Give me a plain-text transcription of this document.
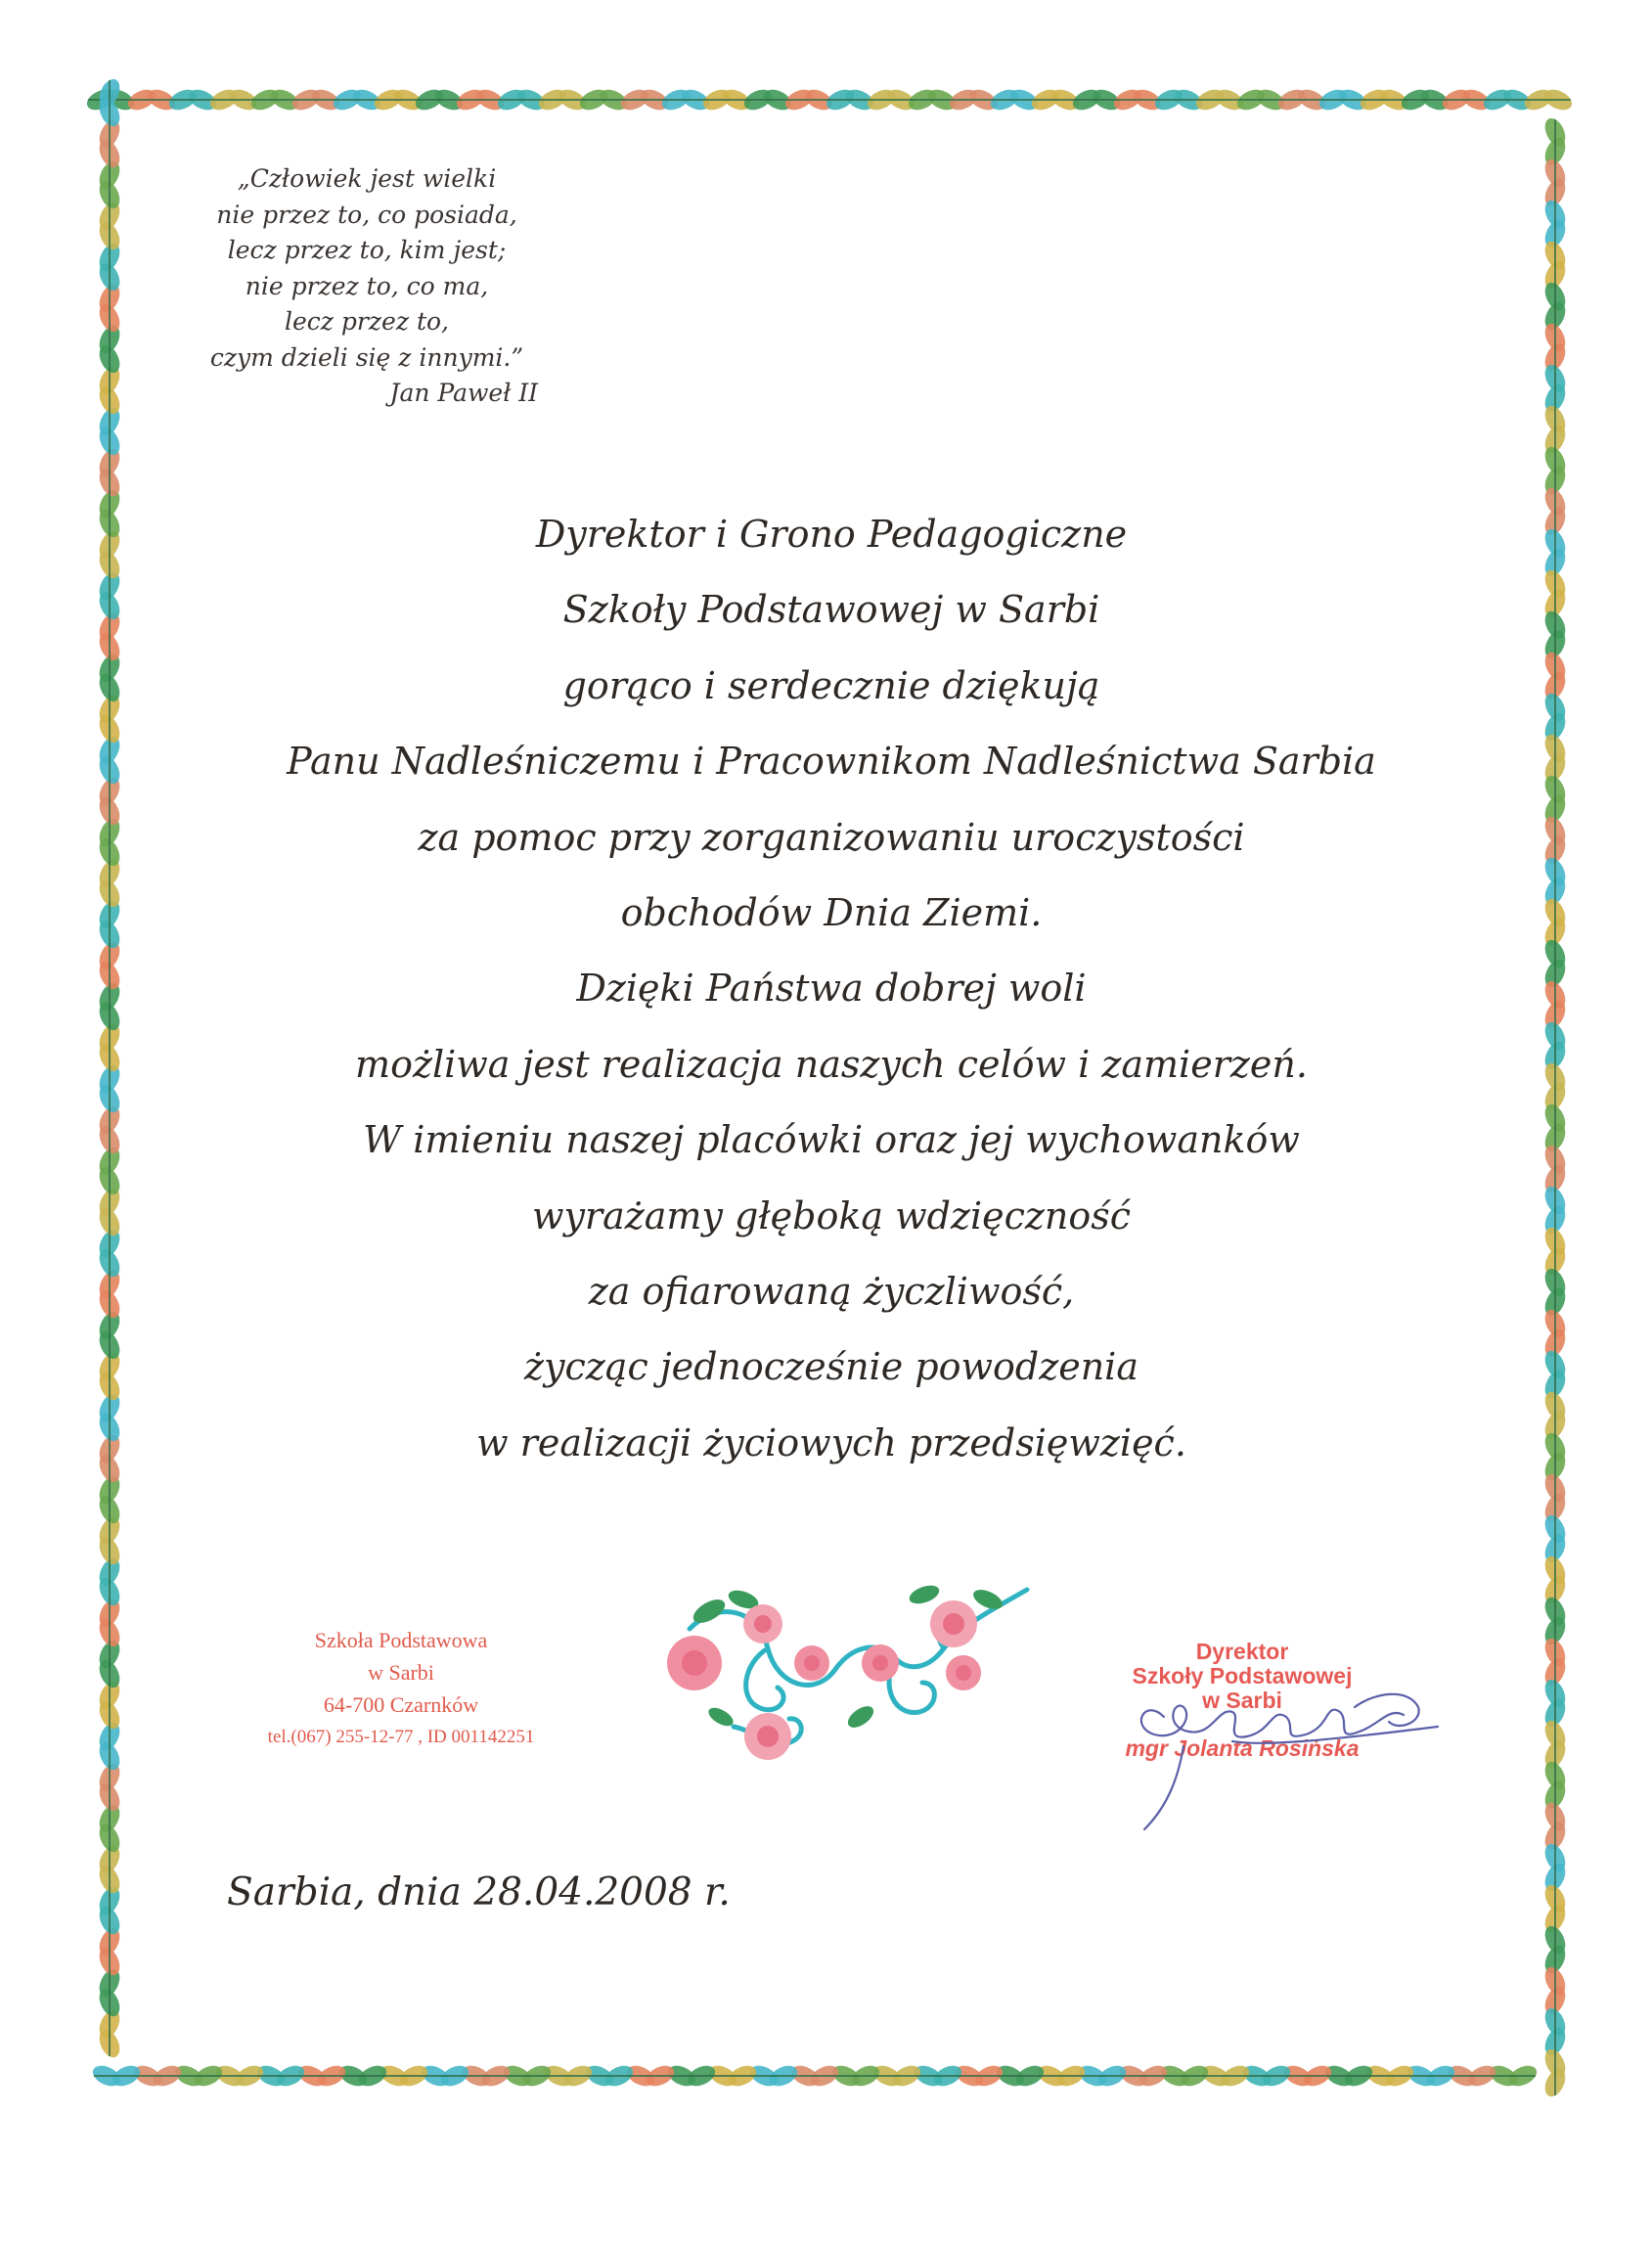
„Człowiek jest wielki
nie przez to, co posiada,
lecz przez to, kim jest;
nie przez to, co ma,
lecz przez to,
czym dzieli się z innymi.”
Jan Paweł II
Dyrektor i Grono Pedagogiczne
Szkoły Podstawowej w Sarbi
gorąco i serdecznie dziękują
Panu Nadleśniczemu i Pracownikom Nadleśnictwa Sarbia
za pomoc przy zorganizowaniu uroczystości
obchodów Dnia Ziemi.
Dzięki Państwa dobrej woli
możliwa jest realizacja naszych celów i zamierzeń.
W imieniu naszej placówki oraz jej wychowanków
wyrażamy głęboką wdzięczność
za ofiarowaną życzliwość,
życząc jednocześnie powodzenia
w realizacji życiowych przedsięwzięć.
Szkoła Podstawowa
w Sarbi
64-700 Czarnków
tel.(067) 255-12-77 , ID 001142251
Dyrektor
Szkoły Podstawowej
w Sarbi
mgr Jolanta Rosińska
Sarbia, dnia 28.04.2008 r.
